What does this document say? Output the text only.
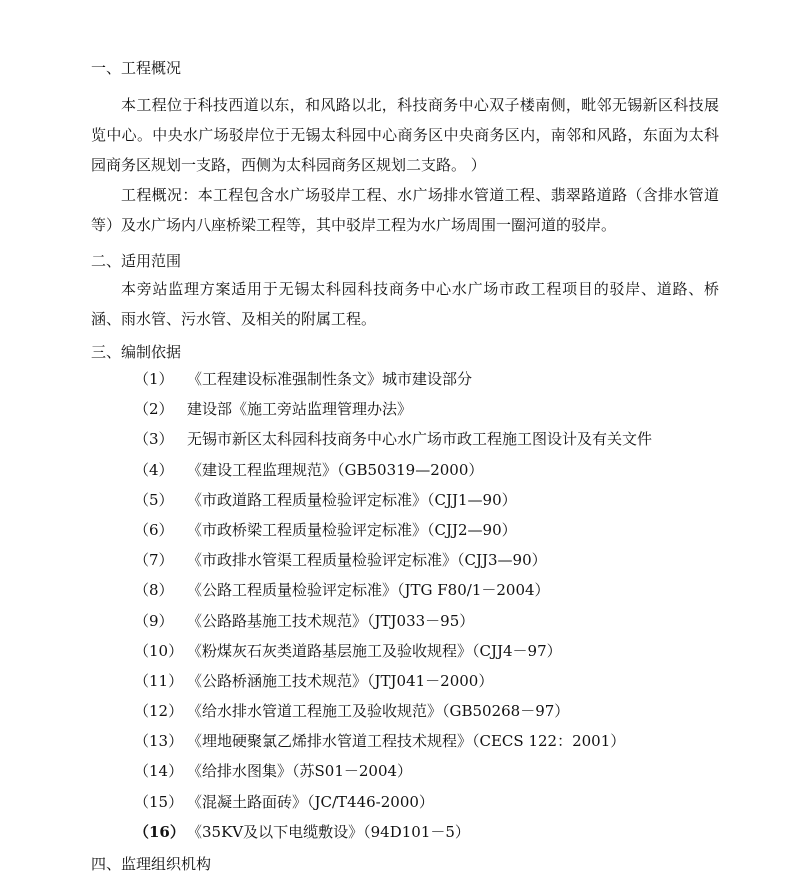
一、工程概况

本工程位于科技西道以东，和风路以北，科技商务中心双子楼南侧，毗邻无锡新区科技展览中心。中央水广场驳岸位于无锡太科园中心商务区中央商务区内，南邻和风路，东面为太科园商务区规划一支路，西侧为太科园商务区规划二支路。 ）

工程概况：本工程包含水广场驳岸工程、水广场排水管道工程、翡翠路道路（含排水管道等）及水广场内八座桥梁工程等，其中驳岸工程为水广场周围一圈河道的驳岸。

二、适用范围

本旁站监理方案适用于无锡太科园科技商务中心水广场市政工程项目的驳岸、道路、桥涵、雨水管、污水管、及相关的附属工程。

三、编制依据
（1） 《工程建设标准强制性条文》城市建设部分
（2） 建设部《施工旁站监理管理办法》
（3） 无锡市新区太科园科技商务中心水广场市政工程施工图设计及有关文件
（4） 《建设工程监理规范》（GB50319—2000）
（5） 《市政道路工程质量检验评定标准》（CJJ1—90）
（6） 《市政桥梁工程质量检验评定标准》（CJJ2—90）
（7） 《市政排水管渠工程质量检验评定标准》（CJJ3—90）
（8） 《公路工程质量检验评定标准》（JTG F80/1－2004）
（9） 《公路路基施工技术规范》（JTJ033－95）
（10） 《粉煤灰石灰类道路基层施工及验收规程》（CJJ4－97）
（11） 《公路桥涵施工技术规范》（JTJ041－2000）
（12） 《给水排水管道工程施工及验收规范》（GB50268－97）
（13） 《埋地硬聚氯乙烯排水管道工程技术规程》（CECS 122：2001）
（14） 《给排水图集》（苏S01－2004）
（15） 《混凝土路面砖》（JC/T446-2000）
（16） 《35KV及以下电缆敷设》（94D101－5）
四、监理组织机构
